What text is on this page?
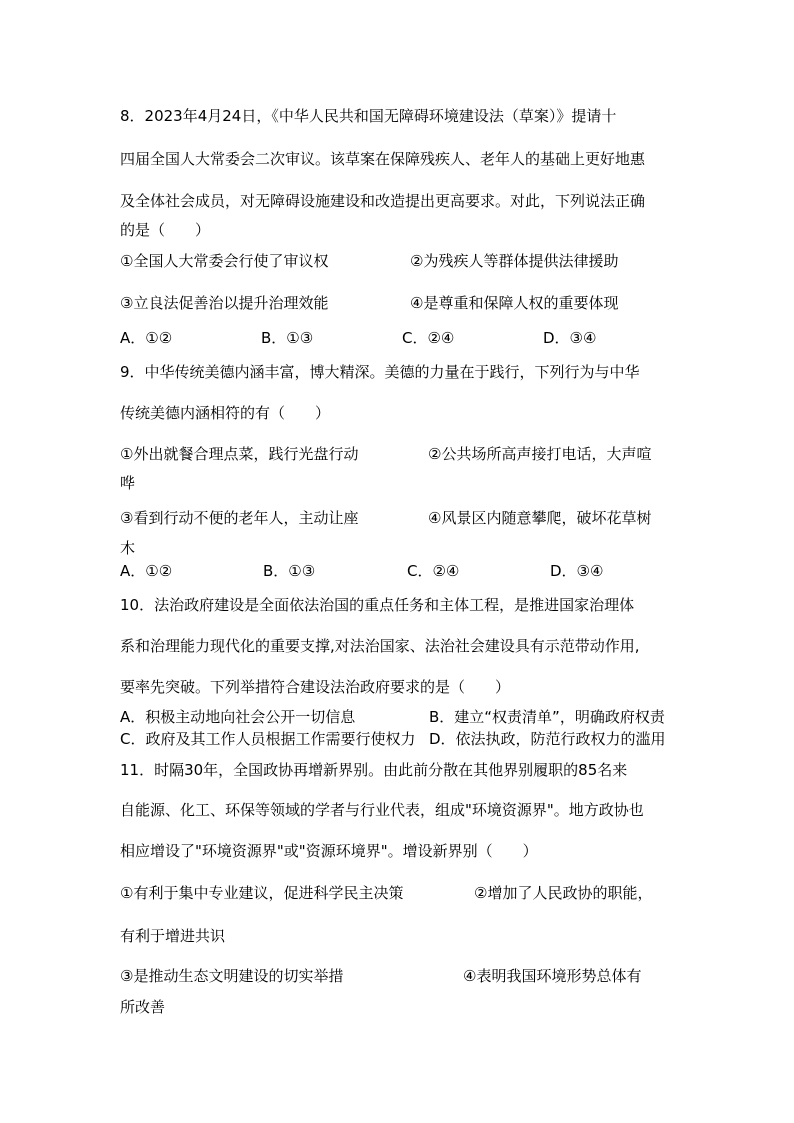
8．2023年4月24日，《中华人民共和国无障碍环境建设法（草案）》提请十
四届全国人大常委会二次审议。该草案在保障残疾人、老年人的基础上更好地惠
及全体社会成员，对无障碍设施建设和改造提出更高要求。对此，下列说法正确
的是（　　）
①全国人大常委会行使了审议权	②为残疾人等群体提供法律援助
③立良法促善治以提升治理效能	④是尊重和保障人权的重要体现
A．①②	B．①③	C．②④	D．③④
9．中华传统美德内涵丰富，博大精深。美德的力量在于践行，下列行为与中华
传统美德内涵相符的有（　　）
①外出就餐合理点菜，践行光盘行动	②公共场所高声接打电话，大声喧
哗
③看到行动不便的老年人，主动让座	④风景区内随意攀爬，破坏花草树
木
A．①②	B．①③	C．②④	D．③④
10．法治政府建设是全面依法治国的重点任务和主体工程，是推进国家治理体
系和治理能力现代化的重要支撑,对法治国家、法治社会建设具有示范带动作用,
要率先突破。下列举措符合建设法治政府要求的是（　　）
A．积极主动地向社会公开一切信息	B．建立“权责清单”，明确政府权责
C．政府及其工作人员根据工作需要行使权力 D．依法执政，防范行政权力的滥用
11．时隔30年，全国政协再增新界别。由此前分散在其他界别履职的85名来
自能源、化工、环保等领域的学者与行业代表，组成"环境资源界"。地方政协也
相应增设了"环境资源界"或"资源环境界"。增设新界别（　　）
①有利于集中专业建议，促进科学民主决策	②增加了人民政协的职能，
有利于增进共识
③是推动生态文明建设的切实举措	④表明我国环境形势总体有
所改善
